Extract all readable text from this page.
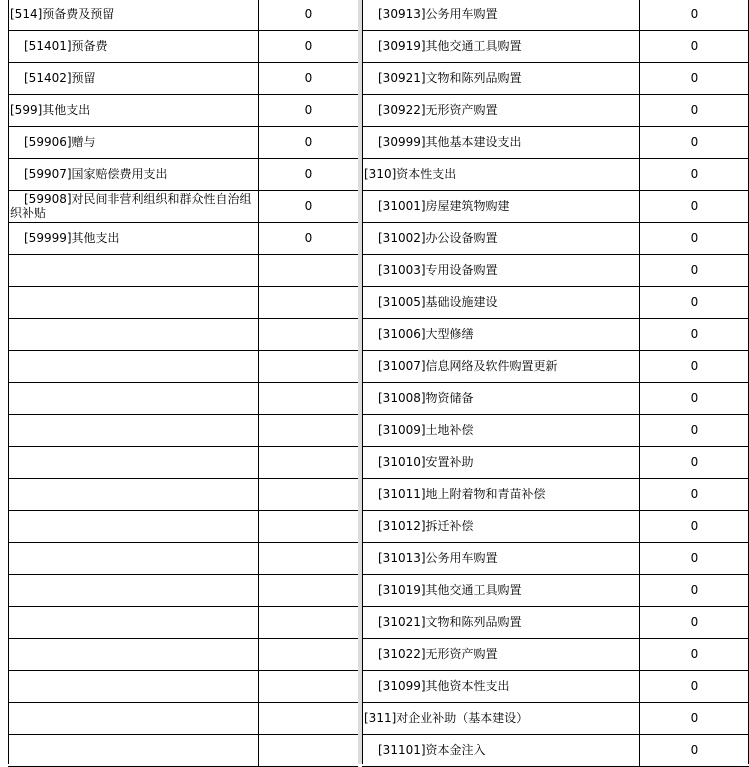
[514]预备费及预留	0
[51401]预备费	0
[51402]预留	0
[599]其他支出	0
[59906]赠与	0
[59907]国家赔偿费用支出	0
[59908]对民间非营利组织和群众性自治组织补贴	0
[59999]其他支出	0
[30913]公务用车购置	0
[30919]其他交通工具购置	0
[30921]文物和陈列品购置	0
[30922]无形资产购置	0
[30999]其他基本建设支出	0
[310]资本性支出	0
[31001]房屋建筑物购建	0
[31002]办公设备购置	0
[31003]专用设备购置	0
[31005]基础设施建设	0
[31006]大型修缮	0
[31007]信息网络及软件购置更新	0
[31008]物资储备	0
[31009]土地补偿	0
[31010]安置补助	0
[31011]地上附着物和青苗补偿	0
[31012]拆迁补偿	0
[31013]公务用车购置	0
[31019]其他交通工具购置	0
[31021]文物和陈列品购置	0
[31022]无形资产购置	0
[31099]其他资本性支出	0
[311]对企业补助（基本建设）	0
[31101]资本金注入	0
